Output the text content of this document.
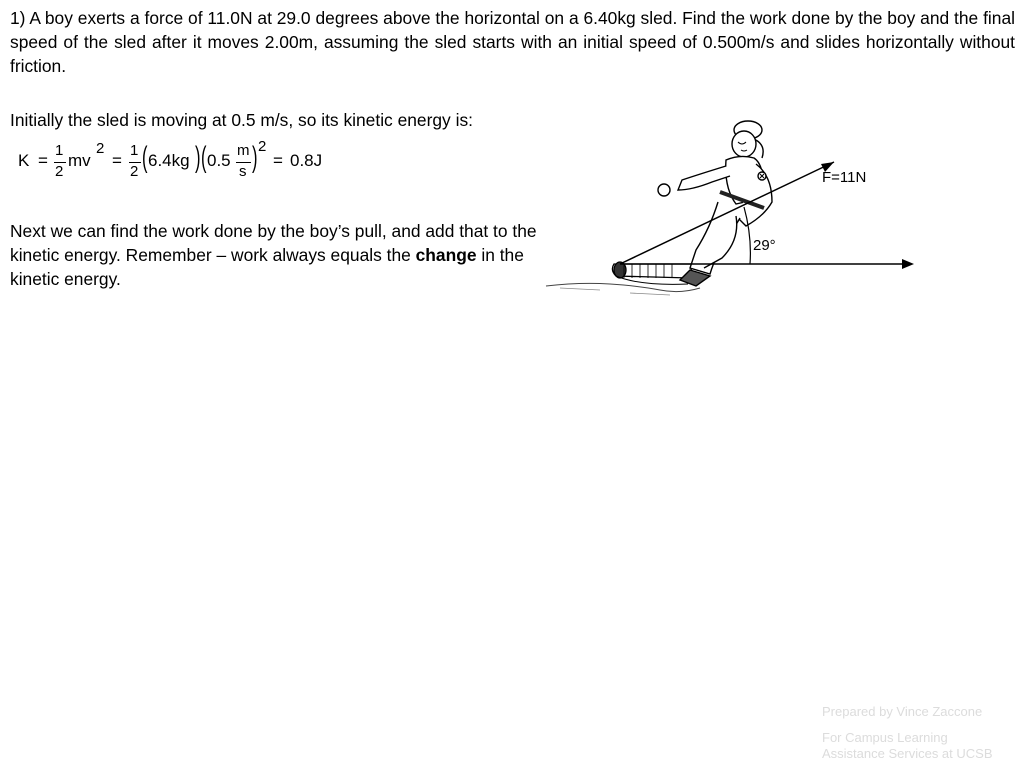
1) A boy exerts a force of 11.0N at 29.0 degrees above the horizontal on a 6.40kg sled. Find the work done by the boy and the final speed of the sled after it moves 2.00m, assuming the sled starts with an initial speed of 0.500m/s and slides horizontally without friction.
Initially the sled is moving at 0.5 m/s, so its kinetic energy is:
K =
1
2
mv
2
=
1
2 ( 6.4kg ) ( 0.5
m
s ) 2
= 0.8J
Next we can find the work done by the boy’s pull, and add that to the kinetic energy. Remember – work always equals the change in the kinetic energy.
F=11N
29°
Prepared by Vince Zaccone
For Campus Learning
Assistance Services at UCSB
